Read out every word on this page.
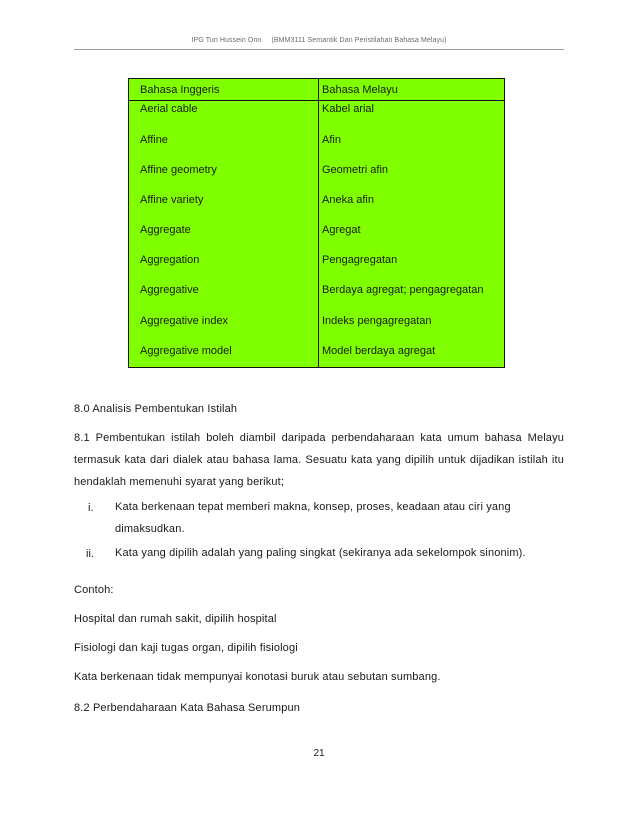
IPG Tun Hussein Onn (BMM3111 Semantik Dan Peristilahan Bahasa Melayu)
Bahasa Inggeris	Bahasa Melayu
Aerial cable	Kabel arial
Affine	Afin
Affine geometry	Geometri afin
Affine variety	Aneka afin
Aggregate	Agregat
Aggregation	Pengagregatan
Aggregative	Berdaya agregat; pengagregatan
Aggregative index	Indeks pengagregatan
Aggregative model	Model berdaya agregat
8.0 Analisis Pembentukan Istilah
8.1 Pembentukan istilah boleh diambil daripada perbendaharaan kata umum bahasa Melayu
termasuk kata dari dialek atau bahasa lama. Sesuatu kata yang dipilih untuk dijadikan istilah itu
hendaklah memenuhi syarat yang berikut;
i. Kata berkenaan tepat memberi makna, konsep, proses, keadaan atau ciri yang
dimaksudkan.
ii. Kata yang dipilih adalah yang paling singkat (sekiranya ada sekelompok sinonim).
Contoh:
Hospital dan rumah sakit, dipilih hospital
Fisiologi dan kaji tugas organ, dipilih fisiologi
Kata berkenaan tidak mempunyai konotasi buruk atau sebutan sumbang.
8.2 Perbendaharaan Kata Bahasa Serumpun
21
